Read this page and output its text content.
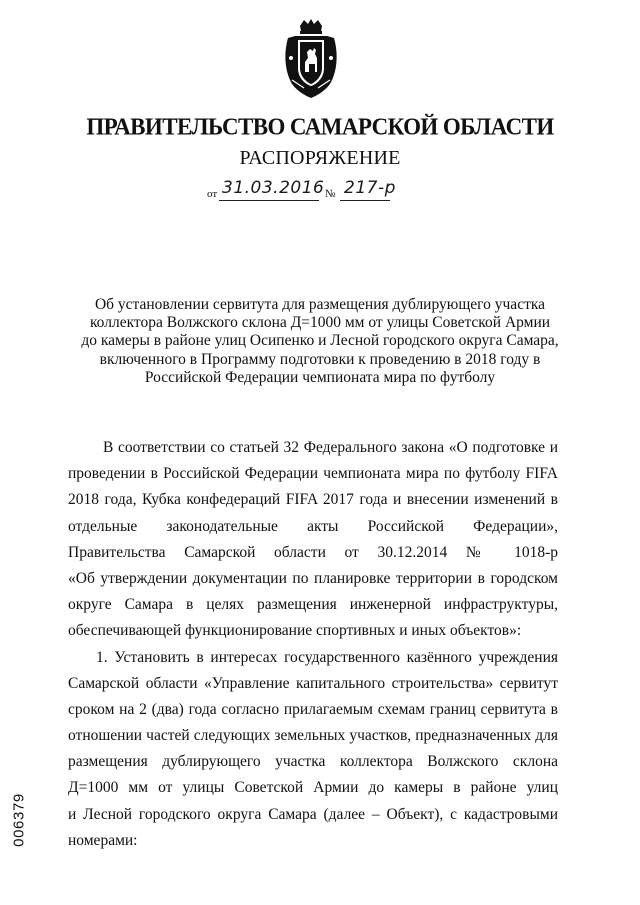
ПРАВИТЕЛЬСТВО САМАРСКОЙ ОБЛАСТИ
РАСПОРЯЖЕНИЕ
от 31.03.2016 № 217-р
Об установлении сервитута для размещения дублирующего участка
коллектора Волжского склона Д=1000 мм от улицы Советской Армии
до камеры в районе улиц Осипенко и Лесной городского округа Самара,
включенного в Программу подготовки к проведению в 2018 году в
Российской Федерации чемпионата мира по футболу
В соответствии со статьей 32 Федерального закона «О подготовке и
проведении в Российской Федерации чемпионата мира по футболу FIFA
2018 года, Кубка конфедераций FIFA 2017 года и внесении изменений в
отдельные законодательные акты Российской Федерации»,
Правительства Самарской области от 30.12.2014 № 1018-р
«Об утверждении документации по планировке территории в городском
округе Самара в целях размещения инженерной инфраструктуры,
обеспечивающей функционирование спортивных и иных объектов»:
1. Установить в интересах государственного казённого учреждения
Самарской области «Управление капитального строительства» сервитут
сроком на 2 (два) года согласно прилагаемым схемам границ сервитута в
отношении частей следующих земельных участков, предназначенных для
размещения дублирующего участка коллектора Волжского склона
Д=1000 мм от улицы Советской Армии до камеры в районе улиц
и Лесной городского округа Самара (далее – Объект), с кадастровыми
номерами:
006379
